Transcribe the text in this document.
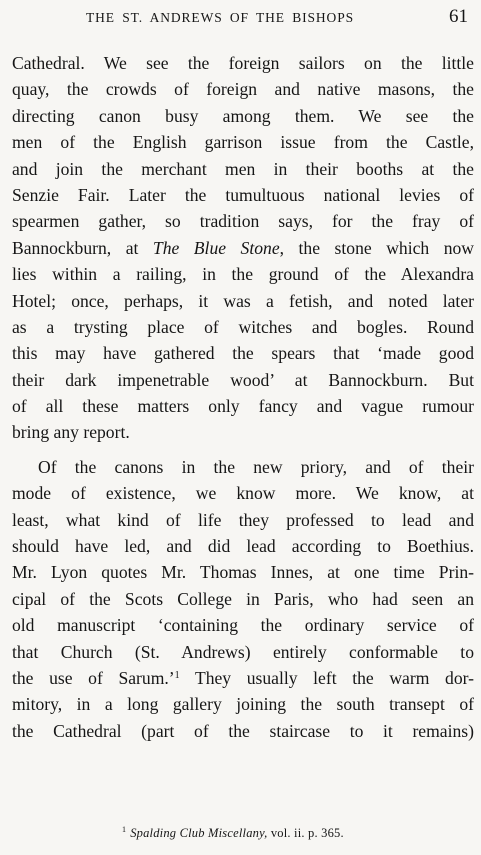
THE ST. ANDREWS OF THE BISHOPS	61
Cathedral. We see the foreign sailors on the little
quay, the crowds of foreign and native masons, the
directing canon busy among them. We see the
men of the English garrison issue from the Castle,
and join the merchant men in their booths at the
Senzie Fair. Later the tumultuous national levies of
spearmen gather, so tradition says, for the fray of
Bannockburn, at The Blue Stone, the stone which now
lies within a railing, in the ground of the Alexandra
Hotel; once, perhaps, it was a fetish, and noted later
as a trysting place of witches and bogles. Round
this may have gathered the spears that ‘made good
their dark impenetrable wood’ at Bannockburn. But
of all these matters only fancy and vague rumour
bring any report.
Of the canons in the new priory, and of their
mode of existence, we know more. We know, at
least, what kind of life they professed to lead and
should have led, and did lead according to Boethius.
Mr. Lyon quotes Mr. Thomas Innes, at one time Prin-
cipal of the Scots College in Paris, who had seen an
old manuscript ‘containing the ordinary service of
that Church (St. Andrews) entirely conformable to
the use of Sarum.’$^1$ They usually left the warm dor-
mitory, in a long gallery joining the south transept of
the Cathedral (part of the staircase to it remains)
$^1$ Spalding Club Miscellany, vol. ii. p. 365.
